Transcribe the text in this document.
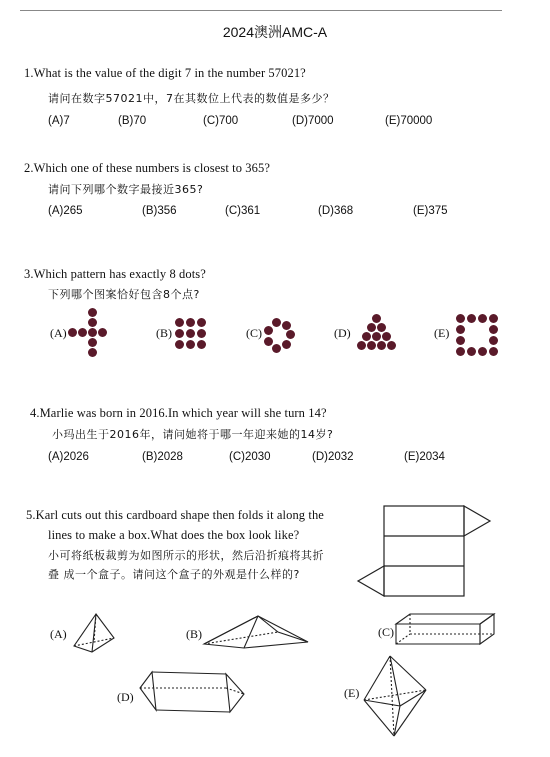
2024澳洲AMC-A
1.What is the value of the digit 7 in the number 57021?
请问在数字57021中，7在其数位上代表的数值是多少？
(A)7	(B)70	(C)700	(D)7000	(E)70000
2.Which one of these numbers is closest to 365?
请问下列哪个数字最接近365?
(A)265	(B)356	(C)361	(D)368	(E)375
3.Which pattern has exactly 8 dots?
下列哪个图案恰好包含8个点?
(A)	(B)	(C)	(D)	(E)
4.Marlie was born in 2016.In which year will she turn 14?
小玛出生于2016年，请问她将于哪一年迎来她的14岁?
(A)2026	(B)2028	(C)2030	(D)2032	(E)2034
5.Karl cuts out this cardboard shape then folds it along the
lines to make a box.What does the box look like?
小可将纸板裁剪为如图所示的形状，然后沿折痕将其折
叠 成一个盒子。请问这个盒子的外观是什么样的?
(A)	(B)	(C)
(D)	(E)
